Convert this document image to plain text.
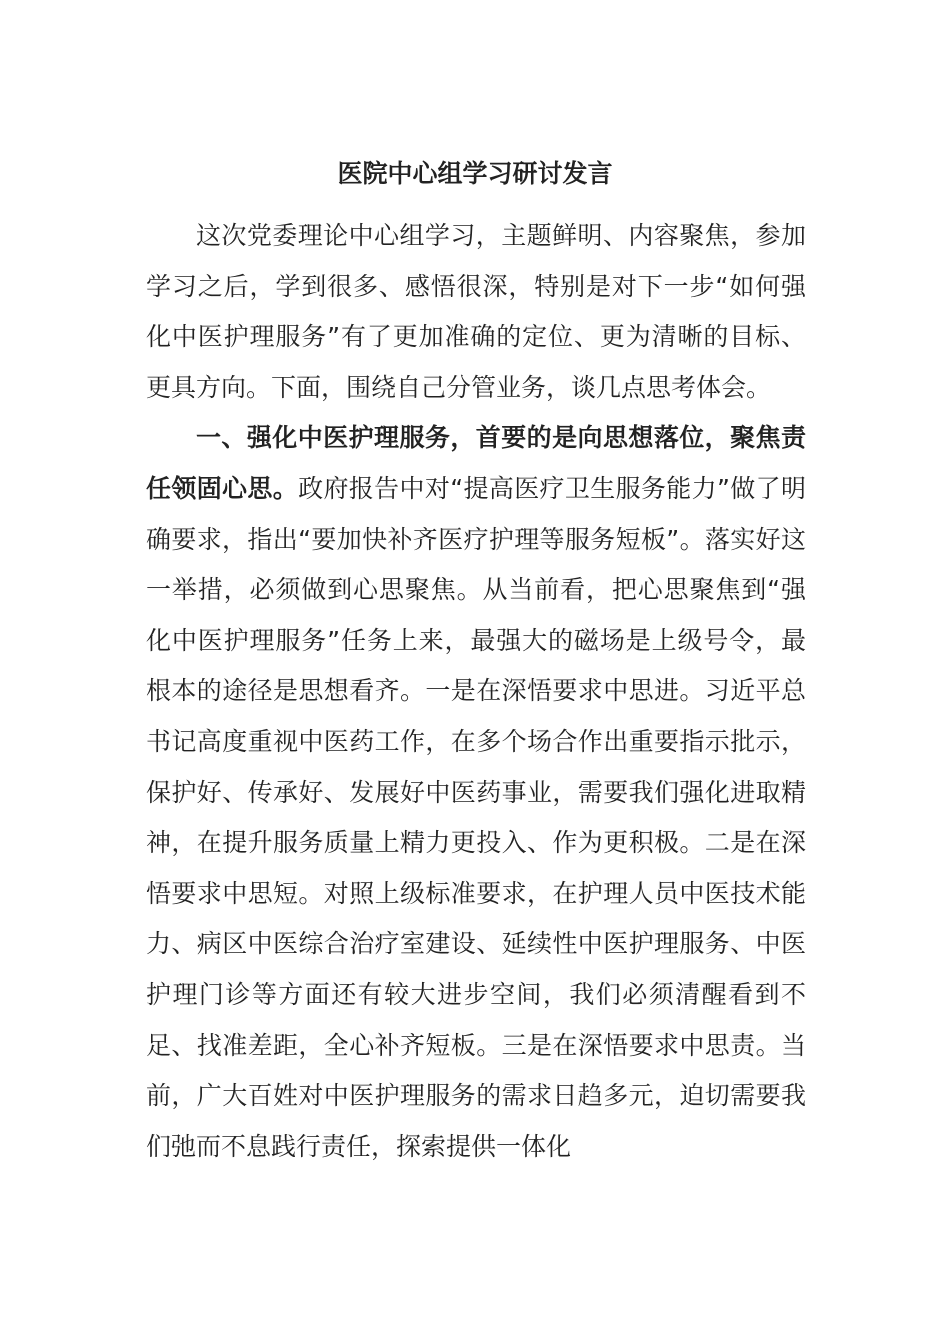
医院中心组学习研讨发言

这次党委理论中心组学习，主题鲜明、内容聚焦，参加学习之后，学到很多、感悟很深，特别是对下一步“如何强化中医护理服务”有了更加准确的定位、更为清晰的目标、更具方向。下面，围绕自己分管业务，谈几点思考体会。

一、强化中医护理服务，首要的是向思想落位，聚焦责任领固心思。政府报告中对“提高医疗卫生服务能力”做了明确要求，指出“要加快补齐医疗护理等服务短板”。落实好这一举措，必须做到心思聚焦。从当前看，把心思聚焦到“强化中医护理服务”任务上来，最强大的磁场是上级号令，最根本的途径是思想看齐。一是在深悟要求中思进。习近平总书记高度重视中医药工作，在多个场合作出重要指示批示，保护好、传承好、发展好中医药事业，需要我们强化进取精神，在提升服务质量上精力更投入、作为更积极。二是在深悟要求中思短。对照上级标准要求，在护理人员中医技术能力、病区中医综合治疗室建设、延续性中医护理服务、中医护理门诊等方面还有较大进步空间，我们必须清醒看到不足、找准差距，全心补齐短板。三是在深悟要求中思责。当前，广大百姓对中医护理服务的需求日趋多元，迫切需要我们弛而不息践行责任，探索提供一体化
